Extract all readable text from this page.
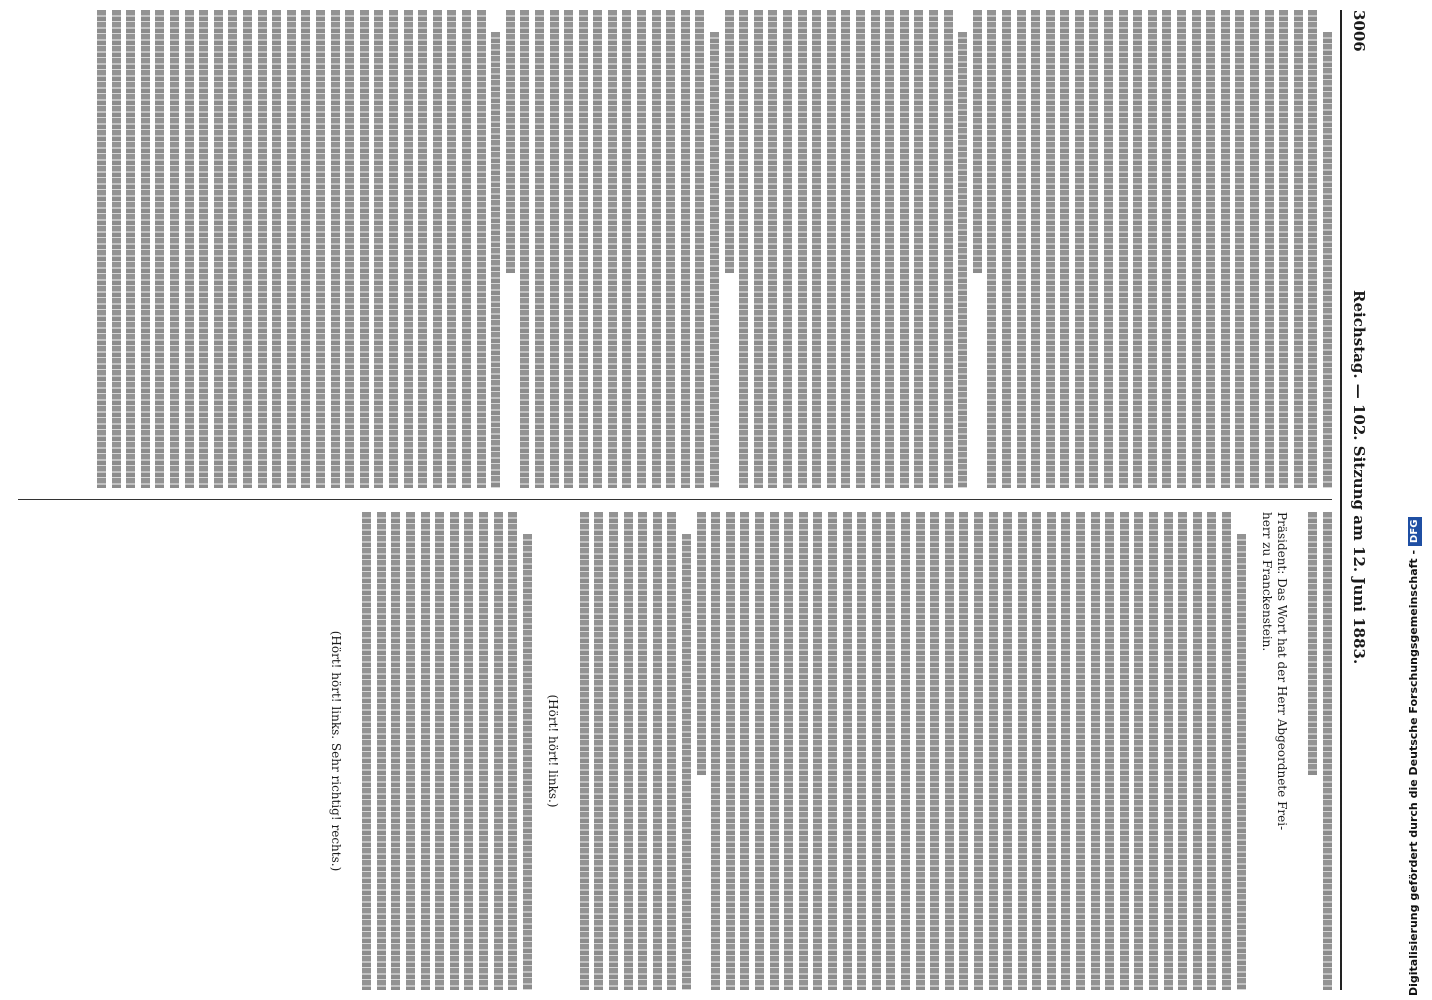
3006
Reichstag. — 102. Sitzung am 12. Juni 1883.
Präsident: Das Wort hat der Herr Abgeordnete Frei-
herr zu Franckenstein.
(Hört! hört! links.)
(Hört! hört! links. Sehr richtig! rechts.)	Digitalisierung gefördert durch die Deutsche Forschungsgemeinschaft -DFG
